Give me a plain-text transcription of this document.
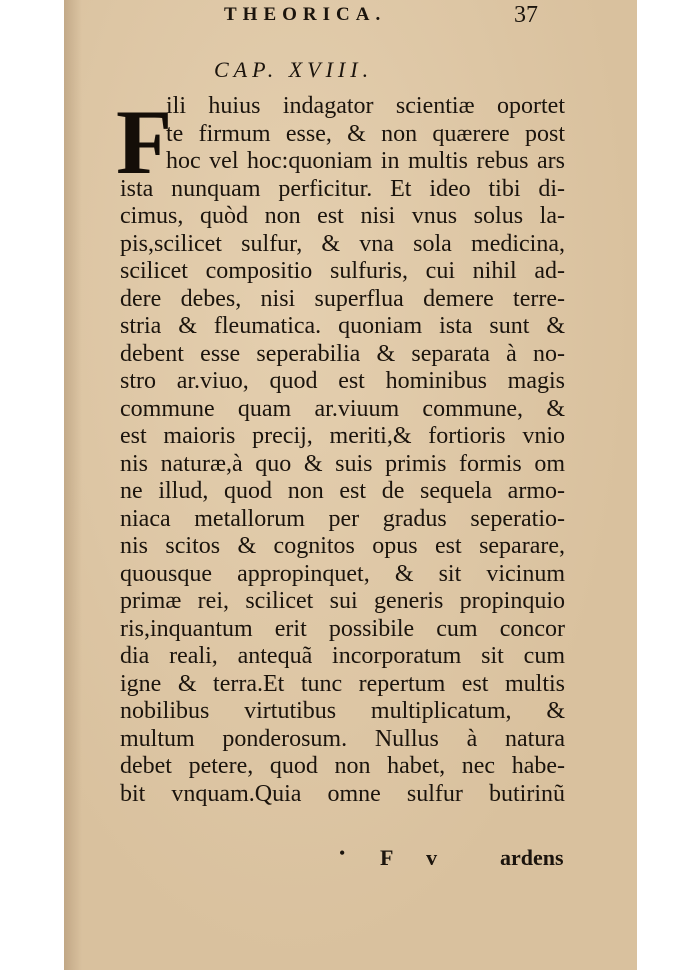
THEORICA.	37
CAP. XVIII.
F
ili huius indagator scientiæ oportet
te firmum esse, & non quærere post
hoc vel hoc:quoniam in multis rebus ars
ista nunquam perficitur. Et ideo tibi di-
cimus, quòd non est nisi vnus solus la-
pis,scilicet sulfur, & vna sola medicina,
scilicet compositio sulfuris, cui nihil ad-
dere debes, nisi superflua demere terre-
stria & fleumatica. quoniam ista sunt &
debent esse seperabilia & separata à no-
stro ar.viuo, quod est hominibus magis
commune quam ar.viuum commune, &
est maioris precij, meriti,& fortioris vnio
nis naturæ,à quo & suis primis formis om
ne illud, quod non est de sequela armo-
niaca metallorum per gradus seperatio-
nis scitos & cognitos opus est separare,
quousque appropinquet, & sit vicinum
primæ rei, scilicet sui generis propinquio
ris,inquantum erit possibile cum concor
dia reali, antequã incorporatum sit cum
igne & terra.Et tunc repertum est multis
nobilibus virtutibus multiplicatum, &
multum ponderosum. Nullus à natura
debet petere, quod non habet, nec habe-
bit vnquam.Quia omne sulfur butirinũ
• F v ardens
